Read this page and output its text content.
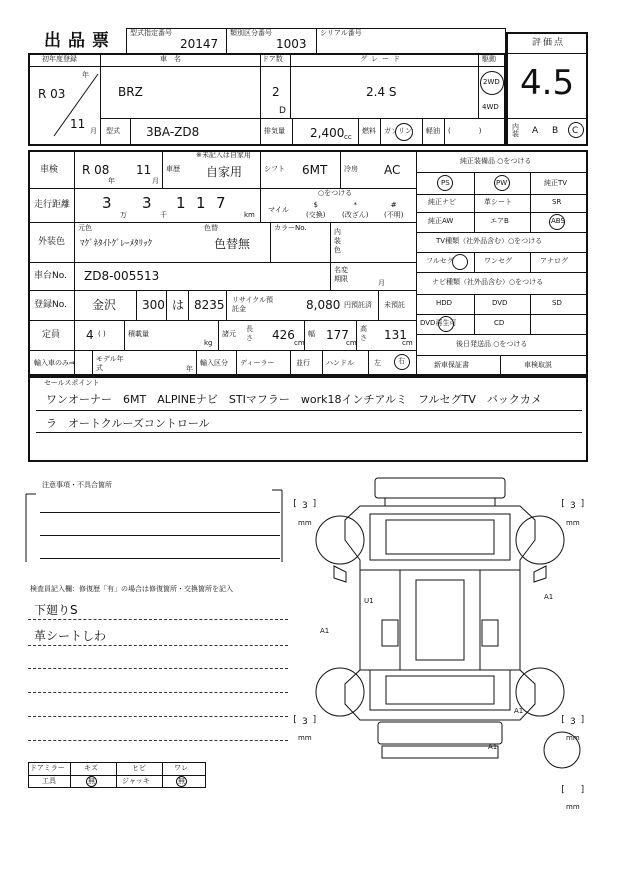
出品票 型式指定番号
20147
類別区分番号
1003
シリアル番号
評価点
4.5
内装 A B C
初年度登録
年
R 03
11 月
車　名
BRZ
ドア数
2
D
グレード
2.4 S
駆動
2WD
4WD
型式 3BA-ZD8	排気量 2,400 cc
燃料 ガソリン 軽油 (　　　　)
車検 R 08
年
11
月
車歴
※未記入は自家用
自家用	シフト 6MT 冷房 AC
走行距離 3
万
3
千
1 1 7
km
○をつける
マイル
$
(交換)
*
(改ざん)
#
(不明)
外装色
元色	色替
ﾏｸﾞﾈﾀｲﾄｸﾞﾚｰﾒﾀﾘｯｸ	色替無
カラーNo.	内装色
車台No. ZD8-005513	名変期限	月
登録No. 金沢 300 は 8235 リサイクル預託金	8,080 円預託済 未預託
定員 4 ( )	積載量
kg
諸元
長さ 426
cm
幅 177
cm
高さ 131
cm
輸入車のみ⇒	モデル年式	年
輸入区分 ディーラー	並行 ハンドル	左 右
純正装備品 ○をつける
PS	PW	純正TV
純正ナビ	革シート	SR
純正AW	エアB	ABS
TV種類（社外品含む）○をつける
フルセグ	ワンセグ	アナログ
ナビ種類（社外品含む）○をつける
HDD	DVD	SD
DVD再生可	CD
後日発送品 ○をつける
新車保証書	車検取説
セールスポイント
ワンオーナー　6MT　ALPINEナビ　STIマフラー　work18インチアルミ　フルセグTV　バックカメ
ラ　オートクルーズコントロール
注意事項・不具合箇所
検査員記入欄：修復歴「有」の場合は修復箇所・交換箇所を記入
下廻りS
革シートしわ
ドアミラー	キズ	ヒビ	ワレ
工具	無	ジャッキ	無
[ 3 ]
mm
[ 3 ]
mm
[ 3 ]
mm
[ 3 ]
mm
[ ]
mm
U1	A1
A1
A1
A1
